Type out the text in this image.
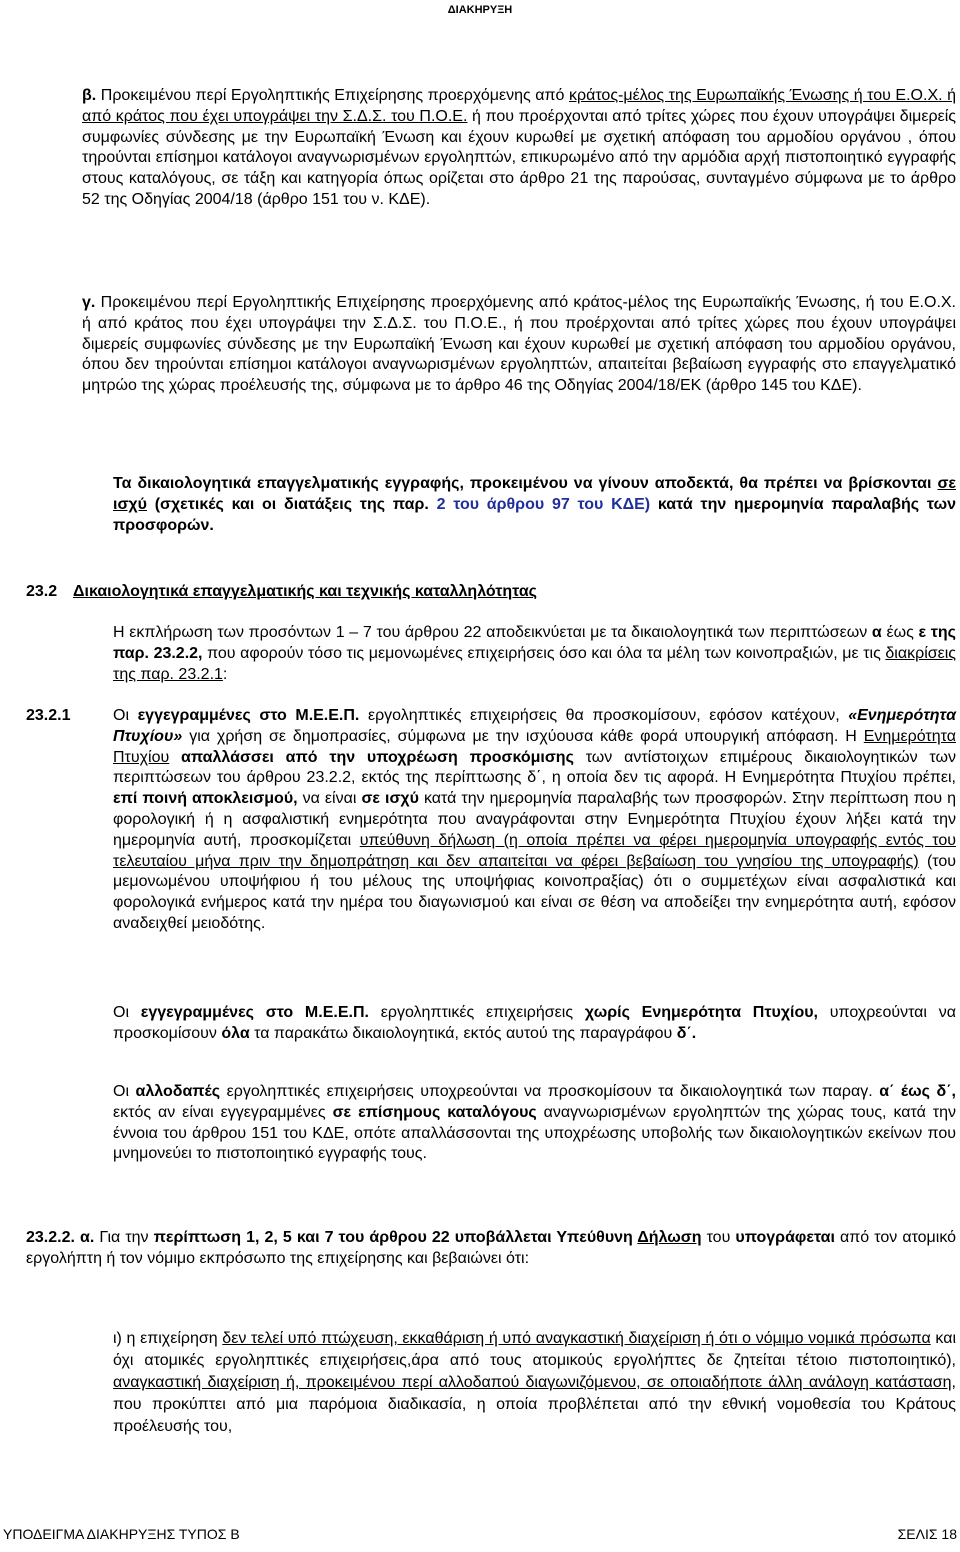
ΔΙΑΚΗΡΥΞΗ

β. Προκειμένου περί Εργοληπτικής Επιχείρησης προερχόμενης από κράτος-μέλος της Ευρωπαϊκής Ένωσης ή του Ε.Ο.Χ. ή από κράτος που έχει υπογράψει την Σ.Δ.Σ. του Π.Ο.Ε. ή που προέρχονται από τρίτες χώρες που έχουν υπογράψει διμερείς συμφωνίες σύνδεσης με την Ευρωπαϊκή Ένωση και έχουν κυρωθεί με σχετική απόφαση του αρμοδίου οργάνου , όπου τηρούνται επίσημοι κατάλογοι αναγνωρισμένων εργοληπτών, επικυρωμένο από την αρμόδια αρχή πιστοποιητικό εγγραφής στους καταλόγους, σε τάξη και κατηγορία όπως ορίζεται στο άρθρο 21 της παρούσας, συνταγμένο σύμφωνα με το άρθρο 52 της Οδηγίας 2004/18 (άρθρο 151 του ν. ΚΔΕ).

γ. Προκειμένου περί Εργοληπτικής Επιχείρησης προερχόμενης από κράτος-μέλος της Ευρωπαϊκής Ένωσης, ή του Ε.Ο.Χ. ή από κράτος που έχει υπογράψει την Σ.Δ.Σ. του Π.Ο.Ε., ή που προέρχονται από τρίτες χώρες που έχουν υπογράψει διμερείς συμφωνίες σύνδεσης με την Ευρωπαϊκή Ένωση και έχουν κυρωθεί με σχετική απόφαση του αρμοδίου οργάνου, όπου δεν τηρούνται επίσημοι κατάλογοι αναγνωρισμένων εργοληπτών, απαιτείται βεβαίωση εγγραφής στο επαγγελματικό μητρώο της χώρας προέλευσής της, σύμφωνα με το άρθρο 46 της Οδηγίας 2004/18/ΕΚ (άρθρο 145 του ΚΔΕ).

Τα δικαιολογητικά επαγγελματικής εγγραφής, προκειμένου να γίνουν αποδεκτά, θα πρέπει να βρίσκονται σε ισχύ (σχετικές και οι διατάξεις της παρ. 2 του άρθρου 97 του ΚΔΕ) κατά την ημερομηνία παραλαβής των προσφορών.

23.2 Δικαιολογητικά επαγγελματικής και τεχνικής καταλληλότητας

Η εκπλήρωση των προσόντων 1 – 7 του άρθρου 22 αποδεικνύεται με τα δικαιολογητικά των περιπτώσεων α έως ε της παρ. 23.2.2, που αφορούν τόσο τις μεμονωμένες επιχειρήσεις όσο και όλα τα μέλη των κοινοπραξιών, με τις διακρίσεις της παρ. 23.2.1:

23.2.1	Οι εγγεγραμμένες στο Μ.Ε.Ε.Π. εργοληπτικές επιχειρήσεις θα προσκομίσουν, εφόσον κατέχουν, «Ενημερότητα Πτυχίου» για χρήση σε δημοπρασίες, σύμφωνα με την ισχύουσα κάθε φορά υπουργική απόφαση. Η Ενημερότητα Πτυχίου απαλλάσσει από την υποχρέωση προσκόμισης των αντίστοιχων επιμέρους δικαιολογητικών των περιπτώσεων του άρθρου 23.2.2, εκτός της περίπτωσης δ΄, η οποία δεν τις αφορά. Η Ενημερότητα Πτυχίου πρέπει, επί ποινή αποκλεισμού, να είναι σε ισχύ κατά την ημερομηνία παραλαβής των προσφορών. Στην περίπτωση που η φορολογική ή η ασφαλιστική ενημερότητα που αναγράφονται στην Ενημερότητα Πτυχίου έχουν λήξει κατά την ημερομηνία αυτή, προσκομίζεται υπεύθυνη δήλωση (η οποία πρέπει να φέρει ημερομηνία υπογραφής εντός του τελευταίου μήνα πριν την δημοπράτηση και δεν απαιτείται να φέρει βεβαίωση του γνησίου της υπογραφής) (του μεμονωμένου υποψήφιου ή του μέλους της υποψήφιας κοινοπραξίας) ότι ο συμμετέχων είναι ασφαλιστικά και φορολογικά ενήμερος κατά την ημέρα του διαγωνισμού και είναι σε θέση να αποδείξει την ενημερότητα αυτή, εφόσον αναδειχθεί μειοδότης.

Οι εγγεγραμμένες στο Μ.Ε.Ε.Π. εργοληπτικές επιχειρήσεις χωρίς Ενημερότητα Πτυχίου, υποχρεούνται να προσκομίσουν όλα τα παρακάτω δικαιολογητικά, εκτός αυτού της παραγράφου δ΄.

Οι αλλοδαπές εργοληπτικές επιχειρήσεις υποχρεούνται να προσκομίσουν τα δικαιολογητικά των παραγ. α΄ έως δ΄, εκτός αν είναι εγγεγραμμένες σε επίσημους καταλόγους αναγνωρισμένων εργοληπτών της χώρας τους, κατά την έννοια του άρθρου 151 του ΚΔΕ, οπότε απαλλάσσονται της υποχρέωσης υποβολής των δικαιολογητικών εκείνων που μνημονεύει το πιστοποιητικό εγγραφής τους.

23.2.2. α. Για την περίπτωση 1, 2, 5 και 7 του άρθρου 22 υποβάλλεται Υπεύθυνη Δήλωση του υπογράφεται από τον ατομικό εργολήπτη ή τον νόμιμο εκπρόσωπο της επιχείρησης και βεβαιώνει ότι:

ι) η επιχείρηση δεν τελεί υπό πτώχευση, εκκαθάριση ή υπό αναγκαστική διαχείριση ή ότι ο νόμιμο νομικά πρόσωπα και όχι ατομικές εργοληπτικές επιχειρήσεις,άρα από τους ατομικούς εργολήπτες δε ζητείται τέτοιο πιστοποιητικό), αναγκαστική διαχείριση ή, προκειμένου περί αλλοδαπού διαγωνιζόμενου, σε οποιαδήποτε άλλη ανάλογη κατάσταση, που προκύπτει από μια παρόμοια διαδικασία, η οποία προβλέπεται από την εθνική νομοθεσία του Κράτους προέλευσής του,

ΥΠΟΔΕΙΓΜΑ ΔΙΑΚΗΡΥΞΗΣ ΤΥΠΟΣ Β	ΣΕΛΙΣ 18
